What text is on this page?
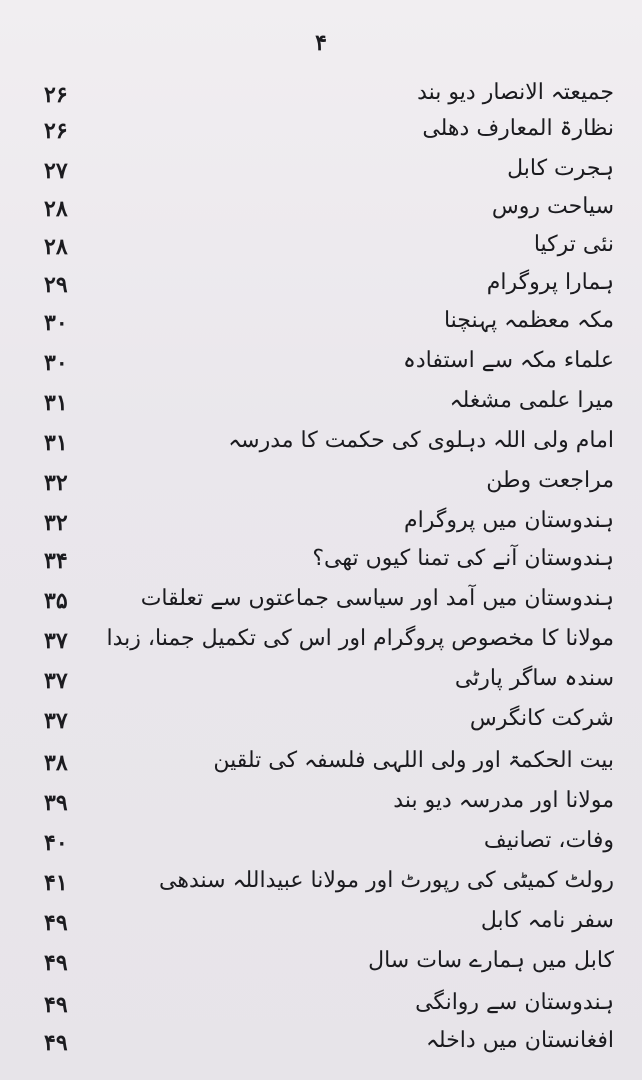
۴
جمیعتہ الانصار دیو بند
۲۶
نظارۃ المعارف دھلی
۲۶
ہجرت کابل
۲۷
سیاحت روس
۲۸
نئی ترکیا
۲۸
ہمارا پروگرام
۲۹
مکہ معظمہ پہنچنا
۳۰
علماء مکہ سے استفادہ
۳۰
میرا علمی مشغلہ
۳۱
امام ولی اللہ دہلوی کی حکمت کا مدرسہ
۳۱
مراجعت وطن
۳۲
ہندوستان میں پروگرام
۳۲
ہندوستان آنے کی تمنا کیوں تھی؟
۳۴
ہندوستان میں آمد اور سیاسی جماعتوں سے تعلقات
۳۵
مولانا کا مخصوص پروگرام اور اس کی تکمیل جمنا، زبدا
۳۷
سندہ ساگر پارٹی
۳۷
شرکت کانگرس
۳۷
بیت الحکمۃ اور ولی اللہی فلسفہ کی تلقین
۳۸
مولانا اور مدرسہ دیو بند
۳۹
وفات، تصانیف
۴۰
رولٹ کمیٹی کی رپورٹ اور مولانا عبیداللہ سندھی
۴۱
سفر نامہ کابل
۴۹
کابل میں ہمارے سات سال
۴۹
ہندوستان سے روانگی
۴۹
افغانستان میں داخلہ
۴۹
